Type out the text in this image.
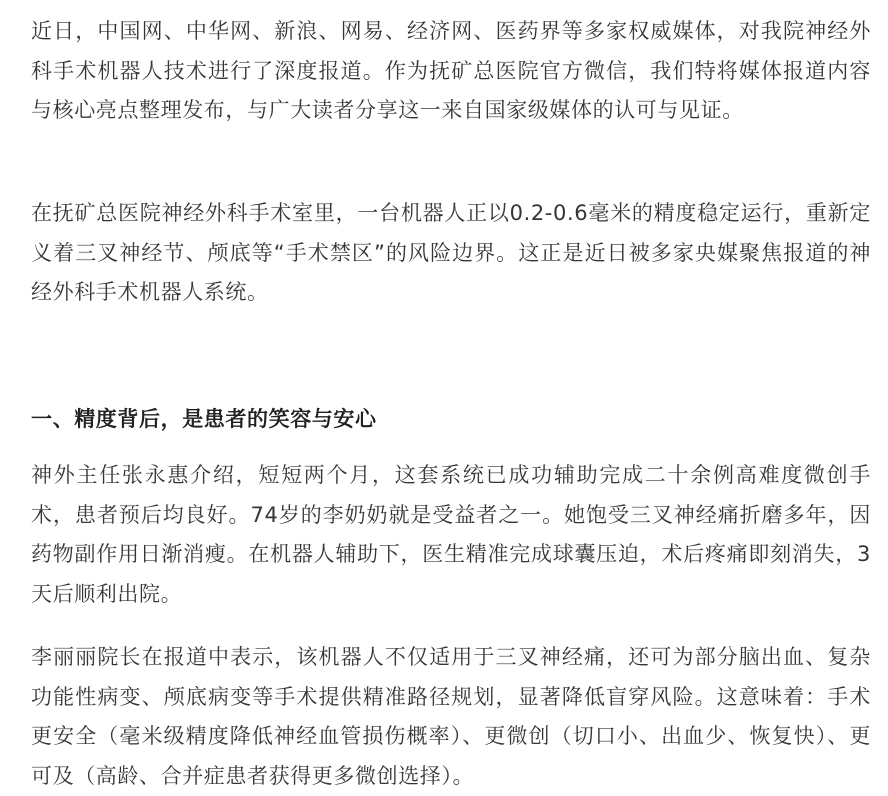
近日，中国网、中华网、新浪、网易、经济网、医药界等多家权威媒体，对我院神经外科手术机器人技术进行了深度报道。作为抚矿总医院官方微信，我们特将媒体报道内容与核心亮点整理发布，与广大读者分享这一来自国家级媒体的认可与见证。

在抚矿总医院神经外科手术室里，一台机器人正以0.2-0.6毫米的精度稳定运行，重新定义着三叉神经节、颅底等“手术禁区”的风险边界。这正是近日被多家央媒聚焦报道的神经外科手术机器人系统。

一、精度背后，是患者的笑容与安心

神外主任张永惠介绍，短短两个月，这套系统已成功辅助完成二十余例高难度微创手术，患者预后均良好。74岁的李奶奶就是受益者之一。她饱受三叉神经痛折磨多年，因药物副作用日渐消瘦。在机器人辅助下，医生精准完成球囊压迫，术后疼痛即刻消失，3天后顺利出院。

李丽丽院长在报道中表示，该机器人不仅适用于三叉神经痛，还可为部分脑出血、复杂功能性病变、颅底病变等手术提供精准路径规划，显著降低盲穿风险。这意味着：手术更安全（毫米级精度降低神经血管损伤概率）、更微创（切口小、出血少、恢复快）、更可及（高龄、合并症患者获得更多微创选择）。
